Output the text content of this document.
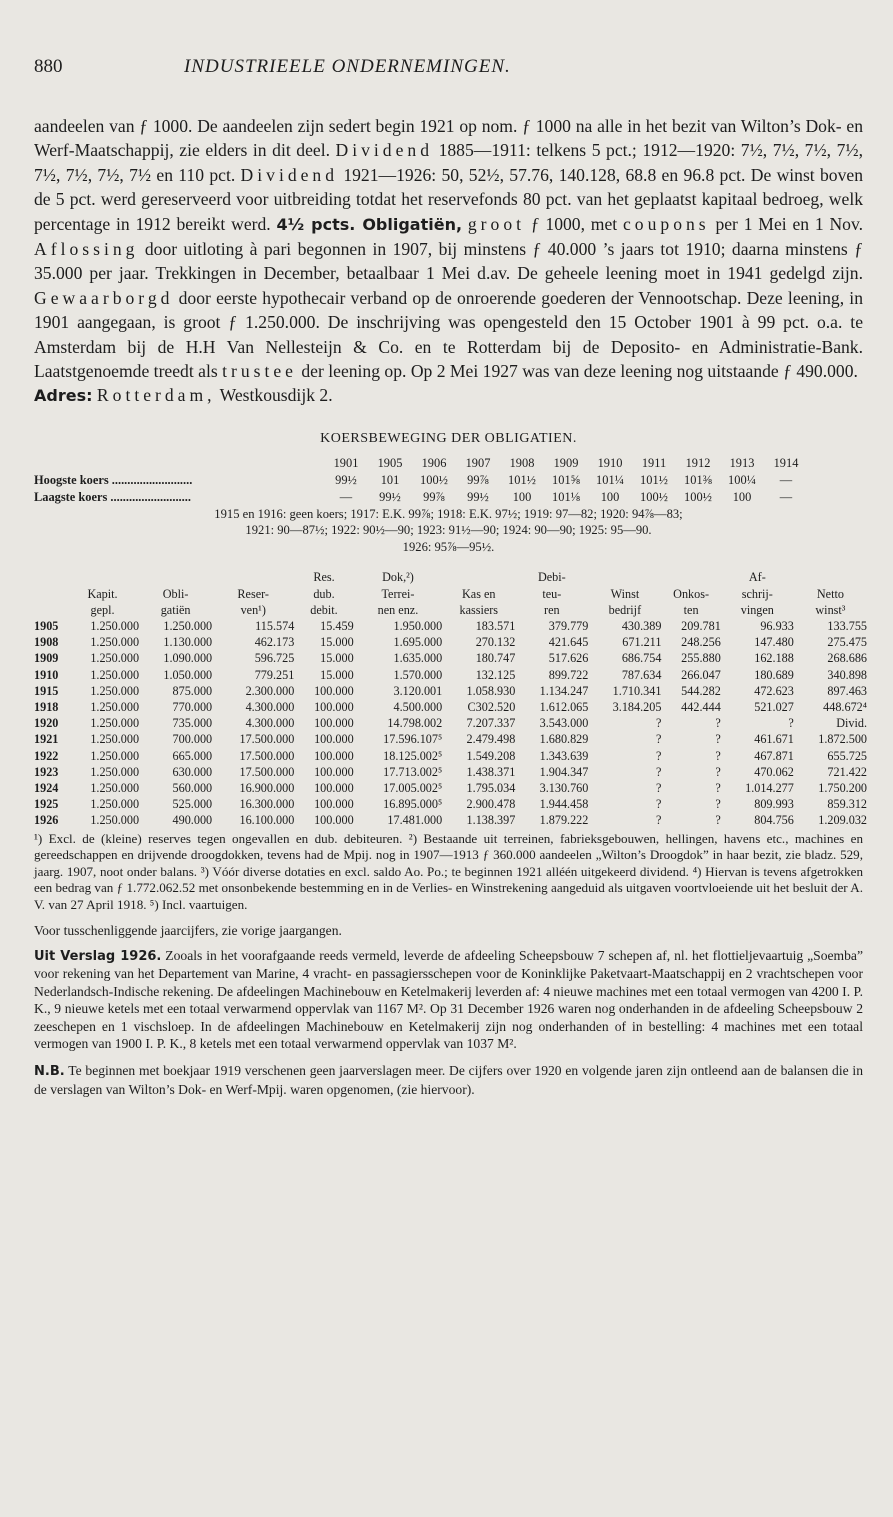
880	INDUSTRIEELE ONDERNEMINGEN.

aandeelen van ƒ 1000. De aandeelen zijn sedert begin 1921 op nom. ƒ 1000 na alle in het bezit van Wilton’s Dok- en Werf-Maatschappij, zie elders in dit deel. Dividend 1885—1911: telkens 5 pct.; 1912—1920: 7½, 7½, 7½, 7½, 7½, 7½, 7½, 7½ en 110 pct. Dividend 1921—1926: 50, 52½, 57.76, 140.128, 68.8 en 96.8 pct. De winst boven de 5 pct. werd gereserveerd voor uitbreiding totdat het reservefonds 80 pct. van het geplaatst kapitaal bedroeg, welk percentage in 1912 bereikt werd. 4½ pcts. Obligatiën, groot ƒ 1000, met coupons per 1 Mei en 1 Nov. Aflossing door uitloting à pari begonnen in 1907, bij minstens ƒ 40.000 ’s jaars tot 1910; daarna minstens ƒ 35.000 per jaar. Trekkingen in December, betaalbaar 1 Mei d.av. De geheele leening moet in 1941 gedelgd zijn. Gewaarborgd door eerste hypothecair verband op de onroerende goederen der Vennootschap. Deze leening, in 1901 aangegaan, is groot ƒ 1.250.000. De inschrijving was opengesteld den 15 October 1901 à 99 pct. o.a. te Amsterdam bij de H.H Van Nellesteijn & Co. en te Rotterdam bij de Deposito- en Administratie-Bank. Laatstgenoemde treedt als trustee der leening op. Op 2 Mei 1927 was van deze leening nog uitstaande ƒ 490.000.
Adres: Rotterdam, Westkousdijk 2.

KOERSBEWEGING DER OBLIGATIEN.
	1901	1905	1906	1907	1908	1909	1910	1911	1912	1913	1914
Hoogste koers ..........................	99½	101	100½	99⅞	101½	101⅝	101¼	101½	101⅜	100¼	—
Laagste koers ..........................	—	99½	99⅞	99½	100	101⅛	100	100½	100½	100	—
1915 en 1916: geen koers; 1917: E.K. 99⅞; 1918: E.K. 97½; 1919: 97—82; 1920: 94⅞—83;
1921: 90—87½; 1922: 90½—90; 1923: 91½—90; 1924: 90—90; 1925: 95—90.
1926: 95⅞—95½.
				Res.	Dok,²)		Debi-			Af-	
	Kapit.	Obli-	Reser-	dub.	Terrei-	Kas en	teu-	Winst	Onkos-	schrij-	Netto
	gepl.	gatiën	ven¹)	debit.	nen enz.	kassiers	ren	bedrijf	ten	vingen	winst³
1905	1.250.000	1.250.000	115.574	15.459	1.950.000	183.571	379.779	430.389	209.781	96.933	133.755
1908	1.250.000	1.130.000	462.173	15.000	1.695.000	270.132	421.645	671.211	248.256	147.480	275.475
1909	1.250.000	1.090.000	596.725	15.000	1.635.000	180.747	517.626	686.754	255.880	162.188	268.686
1910	1.250.000	1.050.000	779.251	15.000	1.570.000	132.125	899.722	787.634	266.047	180.689	340.898
1915	1.250.000	875.000	2.300.000	100.000	3.120.001	1.058.930	1.134.247	1.710.341	544.282	472.623	897.463
1918	1.250.000	770.000	4.300.000	100.000	4.500.000	C302.520	1.612.065	3.184.205	442.444	521.027	448.672⁴
1920	1.250.000	735.000	4.300.000	100.000	14.798.002	7.207.337	3.543.000	?	?	?	Divid.
1921	1.250.000	700.000	17.500.000	100.000	17.596.107⁵	2.479.498	1.680.829	?	?	461.671	1.872.500
1922	1.250.000	665.000	17.500.000	100.000	18.125.002⁵	1.549.208	1.343.639	?	?	467.871	655.725
1923	1.250.000	630.000	17.500.000	100.000	17.713.002⁵	1.438.371	1.904.347	?	?	470.062	721.422
1924	1.250.000	560.000	16.900.000	100.000	17.005.002⁵	1.795.034	3.130.760	?	?	1.014.277	1.750.200
1925	1.250.000	525.000	16.300.000	100.000	16.895.000⁵	2.900.478	1.944.458	?	?	809.993	859.312
1926	1.250.000	490.000	16.100.000	100.000	17.481.000	1.138.397	1.879.222	?	?	804.756	1.209.032

¹) Excl. de (kleine) reserves tegen ongevallen en dub. debiteuren. ²) Bestaande uit terreinen, fabrieksgebouwen, hellingen, havens etc., machines en gereedschappen en drijvende droogdokken, tevens had de Mpij. nog in 1907—1913 ƒ 360.000 aandeelen „Wilton’s Droogdok” in haar bezit, zie bladz. 529, jaarg. 1907, noot onder balans. ³) Vóór diverse dotaties en excl. saldo Ao. Po.; te beginnen 1921 alléén uitgekeerd dividend. ⁴) Hiervan is tevens afgetrokken een bedrag van ƒ 1.772.062.52 met onsonbekende bestemming en in de Verlies- en Winstrekening aangeduid als uitgaven voortvloeiende uit het besluit der A. V. van 27 April 1918. ⁵) Incl. vaartuigen.

Voor tusschenliggende jaarcijfers, zie vorige jaargangen.

Uit Verslag 1926. Zooals in het voorafgaande reeds vermeld, leverde de afdeeling Scheepsbouw 7 schepen af, nl. het flottieljevaartuig „Soemba” voor rekening van het Departement van Marine, 4 vracht- en passagiersschepen voor de Koninklijke Paketvaart-Maatschappij en 2 vrachtschepen voor Nederlandsch-Indische rekening. De afdeelingen Machinebouw en Ketelmakerij leverden af: 4 nieuwe machines met een totaal vermogen van 4200 I. P. K., 9 nieuwe ketels met een totaal verwarmend oppervlak van 1167 M². Op 31 December 1926 waren nog onderhanden in de afdeeling Scheepsbouw 2 zeeschepen en 1 vischsloep. In de afdeelingen Machinebouw en Ketelmakerij zijn nog onderhanden of in bestelling: 4 machines met een totaal vermogen van 1900 I. P. K., 8 ketels met een totaal verwarmend oppervlak van 1037 M².

N.B. Te beginnen met boekjaar 1919 verschenen geen jaarverslagen meer. De cijfers over 1920 en volgende jaren zijn ontleend aan de balansen die in de verslagen van Wilton’s Dok- en Werf-Mpij. waren opgenomen, (zie hiervoor).
